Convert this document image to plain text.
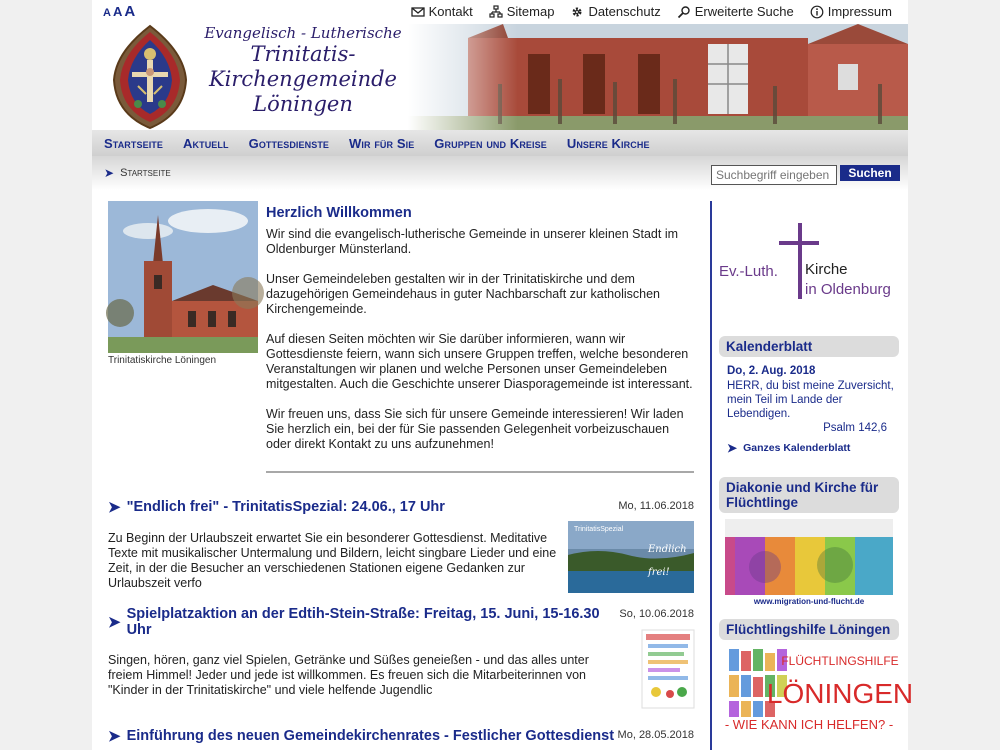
A A A	Kontakt	Sitemap	Datenschutz	Erweiterte Suche	Impressum
Evangelisch - Lutherische
Trinitatis-
Kirchengemeinde
Löningen
Startseite Aktuell Gottesdienste Wir für Sie Gruppen und Kreise Unsere Kirche
➤ Startseite
Suchbegriff eingeben	Suchen
Trinitatiskirche Löningen
Herzlich Willkommen

Wir sind die evangelisch-lutherische Gemeinde in unserer kleinen Stadt im Oldenburger Münsterland.

Unser Gemeindeleben gestalten wir in der Trinitatiskirche und dem dazugehörigen Gemeindehaus in guter Nachbarschaft zur katholischen Kirchengemeinde.

Auf diesen Seiten möchten wir Sie darüber informieren, wann wir Gottesdienste feiern, wann sich unsere Gruppen treffen, welche besonderen Veranstaltungen wir planen und welche Personen unser Gemeindeleben mitgestalten. Auch die Geschichte unserer Diasporagemeinde ist interessant.

Wir freuen uns, dass Sie sich für unsere Gemeinde interessieren! Wir laden Sie herzlich ein, bei der für Sie passenden Gelegenheit vorbeizuschauen oder direkt Kontakt zu uns aufzunehmen!

➤ "Endlich frei" - TrinitatisSpezial: 24.06., 17 Uhr	Mo, 11.06.2018
Zu Beginn der Urlaubszeit erwartet Sie ein besonderer Gottesdienst. Meditative Texte mit musikalischer Untermalung und Bildern, leicht singbare Lieder und eine Zeit, in der die Besucher an verschiedenen Stationen eigene Gedanken zur Urlaubszeit verfo
TrinitatisSpezial
Endlich
frei!
➤ Spielplatzaktion an der Edtih-Stein-Straße: Freitag, 15. Juni, 15-16.30 Uhr
So, 10.06.2018
Singen, hören, ganz viel Spielen, Getränke und Süßes geneießen - und das alles unter freiem Himmel! Jeder und jede ist willkommen. Es freuen sich die Mitarbeiterinnen von "Kinder in der Trinitatiskirche" und viele helfende Jugendlic
➤ Einführung des neuen Gemeindekirchenrates - Festlicher Gottesdienst Mo, 28.05.2018
Ev.-Luth. Kirche
in Oldenburg
Kalenderblatt
Do, 2. Aug. 2018
HERR, du bist meine Zuversicht, mein Teil im Lande der Lebendigen.
Psalm 142,6
➤ Ganzes Kalenderblatt
Diakonie und Kirche für Flüchtlinge
www.migration-und-flucht.de
Flüchtlingshilfe Löningen
FLÜCHTLINGSHILFE
LÖNINGEN
- WIE KANN ICH HELFEN? -
